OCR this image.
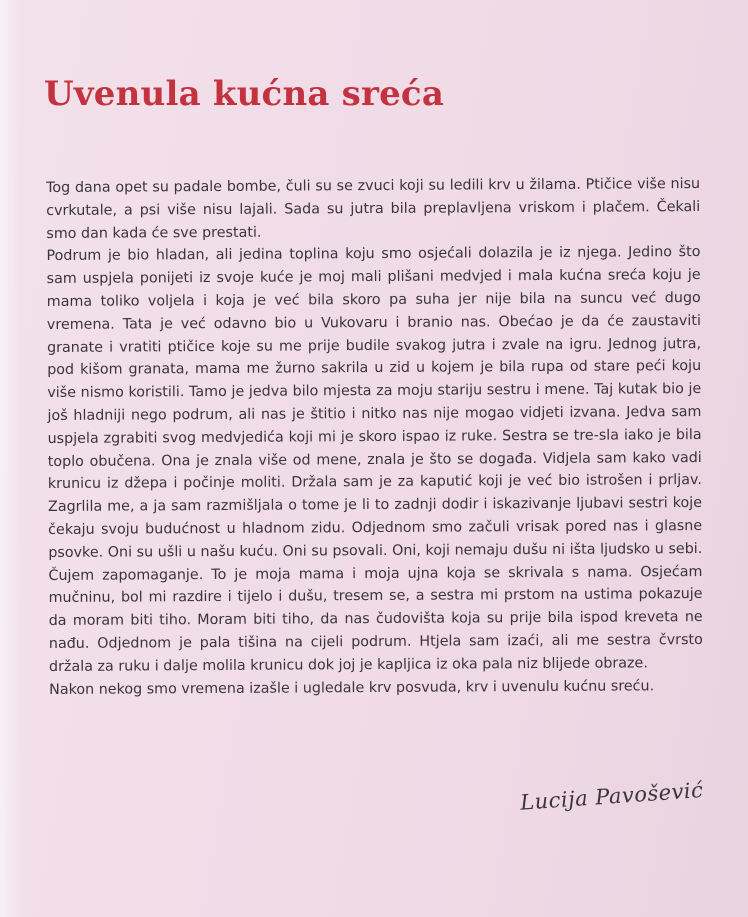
Uvenula kućna sreća

Tog dana opet su padale bombe, čuli su se zvuci koji su ledili krv u žilama. Ptičice više nisu cvrkutale, a psi više nisu lajali. Sada su jutra bila preplavljena vriskom i plačem. Čekali smo dan kada će sve prestati.

Podrum je bio hladan, ali jedina toplina koju smo osjećali dolazila je iz njega. Jedino što sam uspjela ponijeti iz svoje kuće je moj mali plišani medvjed i mala kućna sreća koju je mama toliko voljela i koja je već bila skoro pa suha jer nije bila na suncu već dugo vremena. Tata je već odavno bio u Vukovaru i branio nas. Obećao je da će zaustaviti granate i vratiti ptičice koje su me prije budile svakog jutra i zvale na igru. Jednog jutra, pod kišom granata, mama me žurno sakrila u zid u kojem je bila rupa od stare peći koju više nismo koristili. Tamo je jedva bilo mjesta za moju stariju sestru i mene. Taj kutak bio je još hladniji nego podrum, ali nas je štitio i nitko nas nije mogao vidjeti izvana. Jedva sam uspjela zgrabiti svog medvjedića koji mi je skoro ispao iz ruke. Sestra se tre-sla iako je bila toplo obučena. Ona je znala više od mene, znala je što se događa. Vidjela sam kako vadi krunicu iz džepa i počinje moliti. Držala sam je za kaputić koji je već bio istrošen i prljav. Zagrlila me, a ja sam razmišljala o tome je li to zadnji dodir i iskazivanje ljubavi sestri koje čekaju svoju budućnost u hladnom zidu. Odjednom smo začuli vrisak pored nas i glasne psovke. Oni su ušli u našu kuću. Oni su psovali. Oni, koji nemaju dušu ni išta ljudsko u sebi. Čujem zapomaganje. To je moja mama i moja ujna koja se skrivala s nama. Osjećam mučninu, bol mi razdire i tijelo i dušu, tresem se, a sestra mi prstom na ustima pokazuje da moram biti tiho. Moram biti tiho, da nas čudovišta koja su prije bila ispod kreveta ne nađu. Odjednom je pala tišina na cijeli podrum. Htjela sam izaći, ali me sestra čvrsto držala za ruku i dalje molila krunicu dok joj je kapljica iz oka pala niz blijede obraze.

Nakon nekog smo vremena izašle i ugledale krv posvuda, krv i uvenulu kućnu sreću.

Lucija Pavošević
